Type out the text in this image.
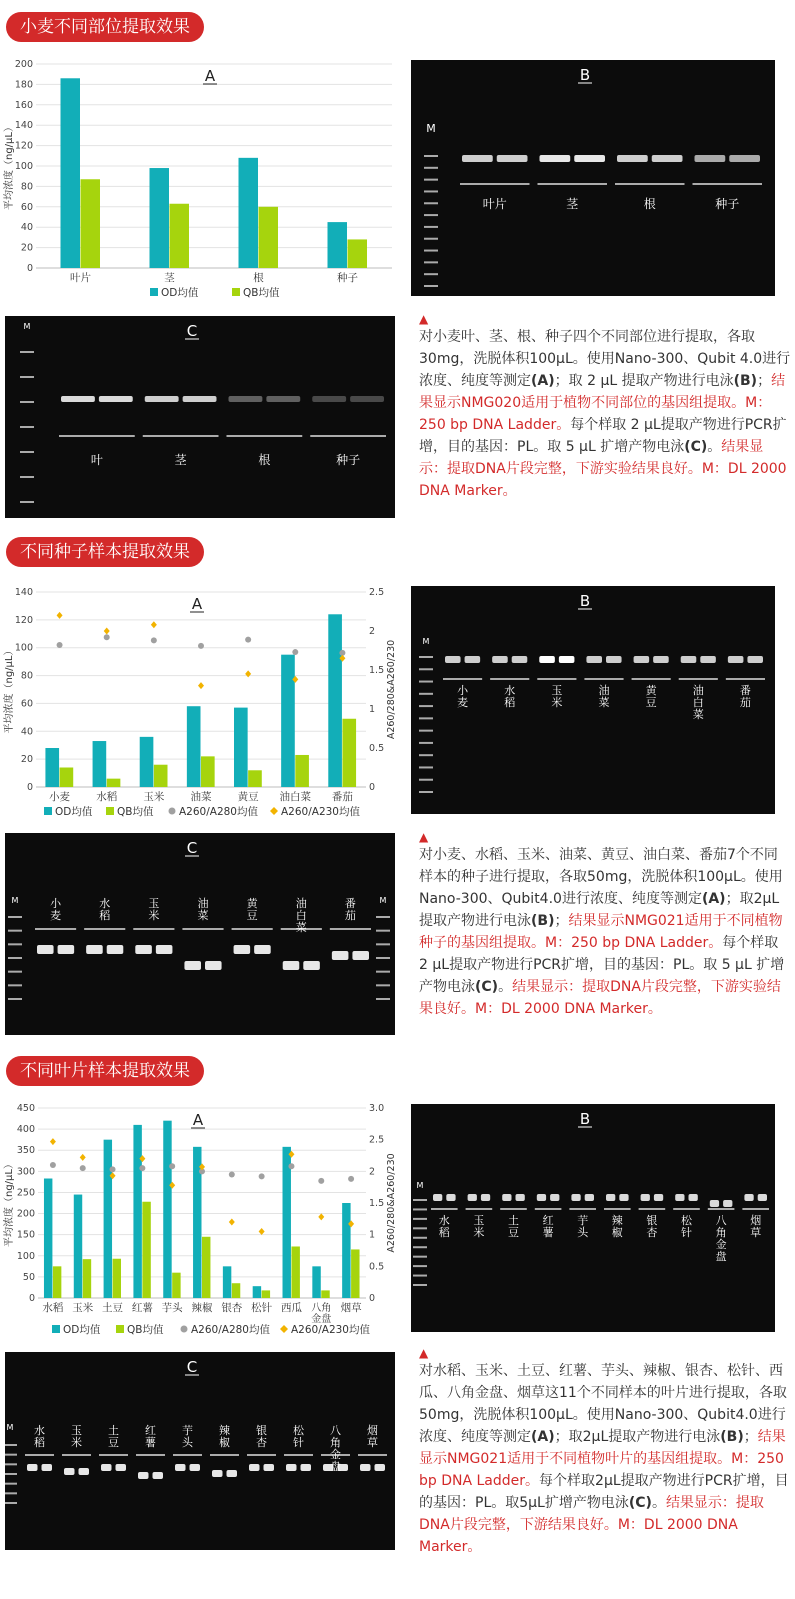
小麦不同部位提取效果
0
20
40
60
80
100
120
140
160
180
200
平均浓度（ng/μL）
叶片	茎	根	种子
OD均值	QB均值
A	B
M
叶片	茎	根	种子
C
M
叶	茎	根	种子
▲
对小麦叶、茎、根、种子四个不同部位进行提取，各取30mg，洗脱体积100μL。使用Nano-300、Qubit 4.0进行浓度、纯度等测定(A)；取 2 μL 提取产物进行电泳(B)；结果显示NMG020适用于植物不同部位的基因组提取。M：250 bp DNA Ladder。每个样取 2 μL提取产物进行PCR扩增，目的基因：PL。取 5 μL 扩增产物电泳(C)。结果显示：提取DNA片段完整，下游实验结果良好。M：DL 2000 DNA Marker。
不同种子样本提取效果
0
20
40
60
80
100
120
140
0
0.5
1
1.5
2
2.5
平均浓度（ng/μL）	A260/280&A260/230
小麦 水稻 玉米 油菜 黄豆 油白菜 番茄
OD均值 QB均值 A260/A280均值 A260/A230均值
A	B
M
小
麦
水
稻
玉
米
油
菜
黄
豆
油
白
菜
番
茄
C
M	M
小
麦
水
稻
玉
米
油
菜
黄
豆
油
白
菜
番
茄
▲
对小麦、水稻、玉米、油菜、黄豆、油白菜、番茄7个不同样本的种子进行提取，各取50mg，洗脱体积100μL。使用Nano-300、Qubit4.0进行浓度、纯度等测定(A)；取2μL提取产物进行电泳(B)；结果显示NMG021适用于不同植物种子的基因组提取。M：250 bp DNA Ladder。每个样取 2 μL提取产物进行PCR扩增，目的基因：PL。取 5 μL 扩增产物电泳(C)。结果显示：提取DNA片段完整，下游实验结果良好。M：DL 2000 DNA Marker。
不同叶片样本提取效果
0
50
100
150
200
250
300
350
400
450
0
0.5
1
1.5
2
2.5
3.0
平均浓度（ng/μL）	A260/280&A260/230
水稻 玉米 土豆 红薯 芋头 辣椒 银杏 松针 西瓜 八角
金盘
烟草
OD均值	QB均值	A260/A280均值 A260/A230均值
A	B
M
水
稻
玉
米
土
豆
红
薯
芋
头
辣
椒
银
杏
松
针
八
角
金
盘
烟
草
C
M 水
稻
玉
米
土
豆
红
薯
芋
头
辣
椒
银
杏
松
针
八
角
金
盘
烟
草
▲
对水稻、玉米、土豆、红薯、芋头、辣椒、银杏、松针、西瓜、八角金盘、烟草这11个不同样本的叶片进行提取，各取50mg，洗脱体积100μL。使用Nano-300、Qubit4.0进行浓度、纯度等测定(A)；取2μL提取产物进行电泳(B)；结果显示NMG021适用于不同植物叶片的基因组提取。M：250 bp DNA Ladder。每个样取2μL提取产物进行PCR扩增，目的基因：PL。取5μL扩增产物电泳(C)。结果显示：提取DNA片段完整，下游结果良好。M：DL 2000 DNA Marker。
